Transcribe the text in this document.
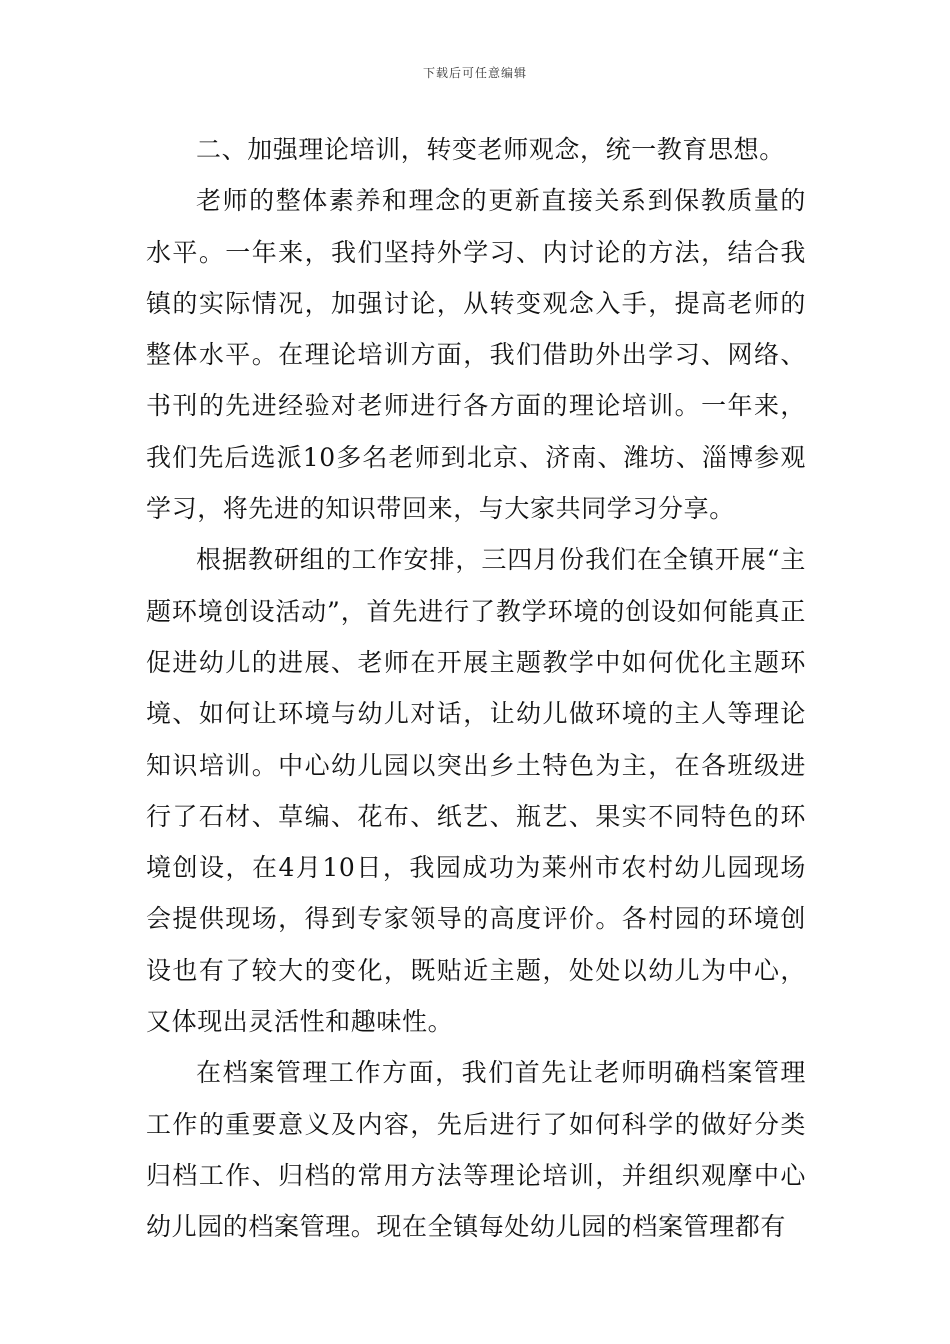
下载后可任意编辑

二、加强理论培训，转变老师观念，统一教育思想。

老师的整体素养和理念的更新直接关系到保教质量的水平。一年来，我们坚持外学习、内讨论的方法，结合我镇的实际情况，加强讨论，从转变观念入手，提高老师的整体水平。在理论培训方面，我们借助外出学习、网络、书刊的先进经验对老师进行各方面的理论培训。一年来，我们先后选派10多名老师到北京、济南、潍坊、淄博参观学习，将先进的知识带回来，与大家共同学习分享。

根据教研组的工作安排，三四月份我们在全镇开展“主题环境创设活动”，首先进行了教学环境的创设如何能真正促进幼儿的进展、老师在开展主题教学中如何优化主题环境、如何让环境与幼儿对话，让幼儿做环境的主人等理论知识培训。中心幼儿园以突出乡土特色为主，在各班级进行了石材、草编、花布、纸艺、瓶艺、果实不同特色的环境创设，在4月10日，我园成功为莱州市农村幼儿园现场会提供现场，得到专家领导的高度评价。各村园的环境创设也有了较大的变化，既贴近主题，处处以幼儿为中心，又体现出灵活性和趣味性。

在档案管理工作方面，我们首先让老师明确档案管理工作的重要意义及内容，先后进行了如何科学的做好分类归档工作、归档的常用方法等理论培训，并组织观摩中心幼儿园的档案管理。现在全镇每处幼儿园的档案管理都有
